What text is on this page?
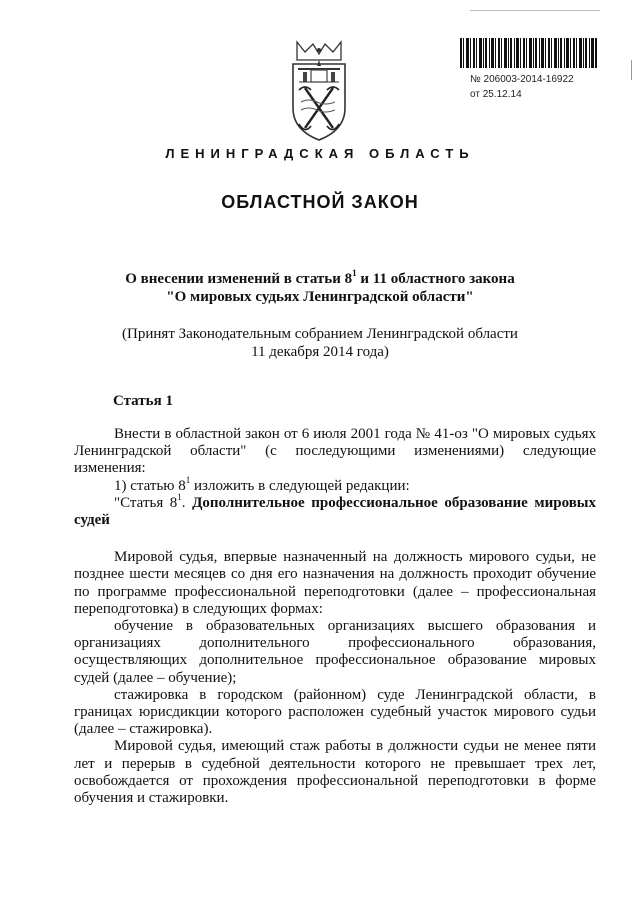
№ 206003-2014-16922
от 25.12.14
ЛЕНИНГРАДСКАЯ ОБЛАСТЬ
ОБЛАСТНОЙ ЗАКОН
О внесении изменений в статьи $8^1$ и 11 областного закона
"О мировых судьях Ленинградской области"
(Принят Законодательным собранием Ленинградской области
11 декабря 2014 года)
Статья 1

Внести в областной закон от 6 июля 2001 года № 41-оз "О мировых судьях Ленинградской области" (с последующими изменениями) следующие изменения:

1) статью $8^1$ изложить в следующей редакции:

"Статья $8^1$. Дополнительное профессиональное образование мировых судей

Мировой судья, впервые назначенный на должность мирового судьи, не позднее шести месяцев со дня его назначения на должность проходит обучение по программе профессиональной переподготовки (далее – профессиональная переподготовка) в следующих формах:

обучение в образовательных организациях высшего образования и организациях дополнительного профессионального образования, осуществляющих дополнительное профессиональное образование мировых судей (далее – обучение);

стажировка в городском (районном) суде Ленинградской области, в границах юрисдикции которого расположен судебный участок мирового судьи (далее – стажировка).

Мировой судья, имеющий стаж работы в должности судьи не менее пяти лет и перерыв в судебной деятельности которого не превышает трех лет, освобождается от прохождения профессиональной переподготовки в форме обучения и стажировки.
